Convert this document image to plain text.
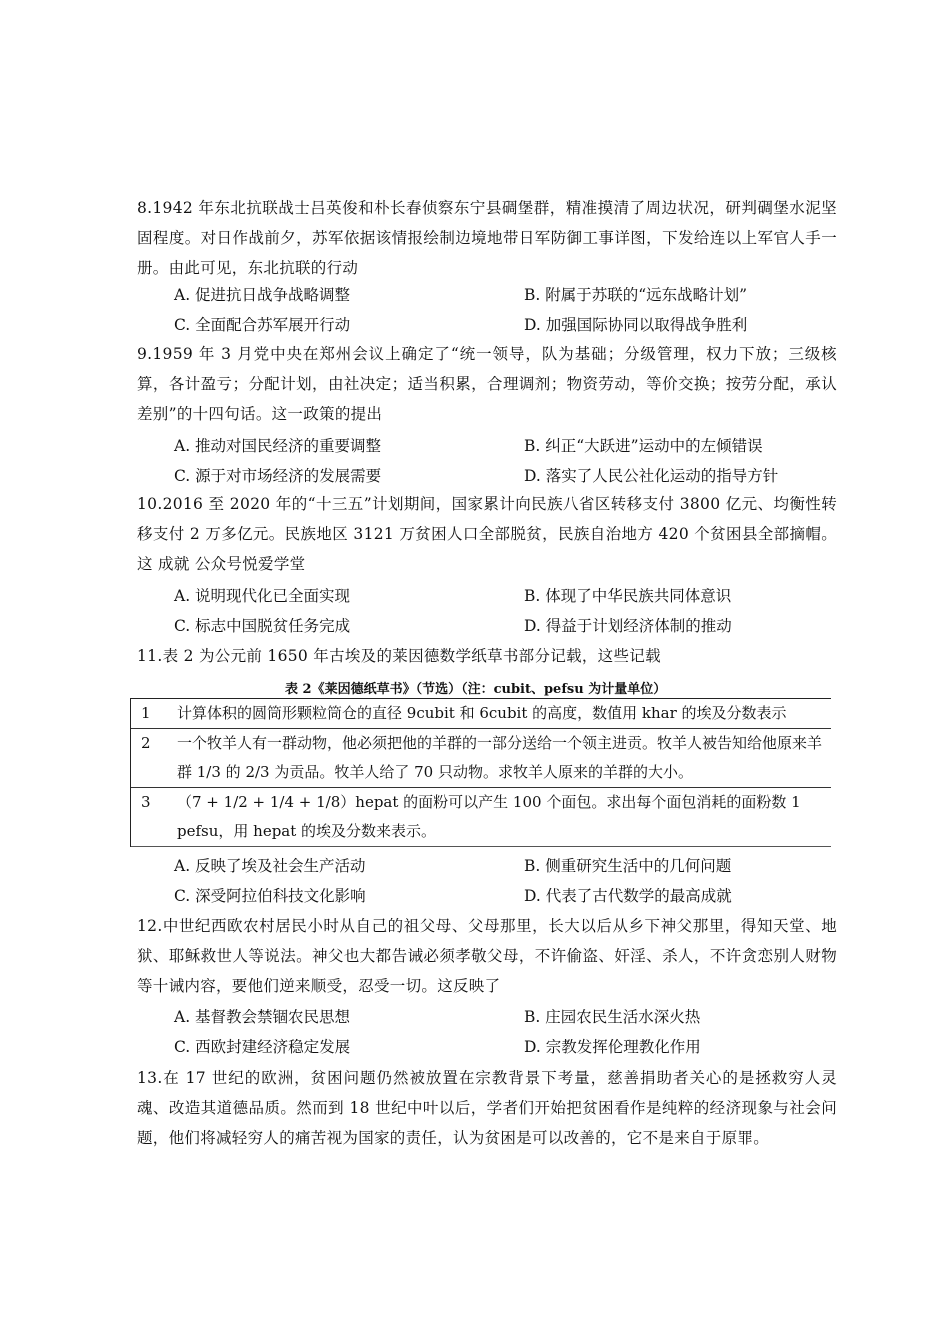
8.1942 年东北抗联战士吕英俊和朴长春侦察东宁县碉堡群，精准摸清了周边状况，研判碉堡水泥坚固程度。对日作战前夕，苏军依据该情报绘制边境地带日军防御工事详图，下发给连以上军官人手一册。由此可见，东北抗联的行动
A. 促进抗日战争战略调整	B. 附属于苏联的“远东战略计划”
C. 全面配合苏军展开行动	D. 加强国际协同以取得战争胜利
9.1959 年 3 月党中央在郑州会议上确定了“统一领导，队为基础；分级管理，权力下放；三级核算，各计盈亏；分配计划，由社决定；适当积累，合理调剂；物资劳动，等价交换；按劳分配，承认差别”的十四句话。这一政策的提出
A. 推动对国民经济的重要调整	B. 纠正“大跃进”运动中的左倾错误
C. 源于对市场经济的发展需要	D. 落实了人民公社化运动的指导方针
10.2016 至 2020 年的“十三五”计划期间，国家累计向民族八省区转移支付 3800 亿元、均衡性转移支付 2 万多亿元。民族地区 3121 万贫困人口全部脱贫，民族自治地方 420 个贫困县全部摘帽。这 成就 公众号悦爱学堂
A. 说明现代化已全面实现	B. 体现了中华民族共同体意识
C. 标志中国脱贫任务完成	D. 得益于计划经济体制的推动
11.表 2 为公元前 1650 年古埃及的莱因德数学纸草书部分记载，这些记载
表 2《莱因德纸草书》（节选）（注：cubit、pefsu 为计量单位）
1	计算体积的圆筒形颗粒筒仓的直径 9cubit 和 6cubit 的高度，数值用 khar 的埃及分数表示
2	一个牧羊人有一群动物，他必须把他的羊群的一部分送给一个领主进贡。牧羊人被告知给他原来羊群 1/3 的 2/3 为贡品。牧羊人给了 70 只动物。求牧羊人原来的羊群的大小。
3	（7 + 1/2 + 1/4 + 1/8）hepat 的面粉可以产生 100 个面包。求出每个面包消耗的面粉数 1 pefsu，用 hepat 的埃及分数来表示。
A. 反映了埃及社会生产活动	B. 侧重研究生活中的几何问题
C. 深受阿拉伯科技文化影响	D. 代表了古代数学的最高成就
12.中世纪西欧农村居民小时从自己的祖父母、父母那里，长大以后从乡下神父那里，得知天堂、地狱、耶稣救世人等说法。神父也大都告诫必须孝敬父母，不许偷盗、奸淫、杀人，不许贪恋别人财物等十诫内容，要他们逆来顺受，忍受一切。这反映了
A. 基督教会禁锢农民思想	B. 庄园农民生活水深火热
C. 西欧封建经济稳定发展	D. 宗教发挥伦理教化作用
13.在 17 世纪的欧洲，贫困问题仍然被放置在宗教背景下考量，慈善捐助者关心的是拯救穷人灵魂、改造其道德品质。然而到 18 世纪中叶以后，学者们开始把贫困看作是纯粹的经济现象与社会问题，他们将减轻穷人的痛苦视为国家的责任，认为贫困是可以改善的，它不是来自于原罪。
